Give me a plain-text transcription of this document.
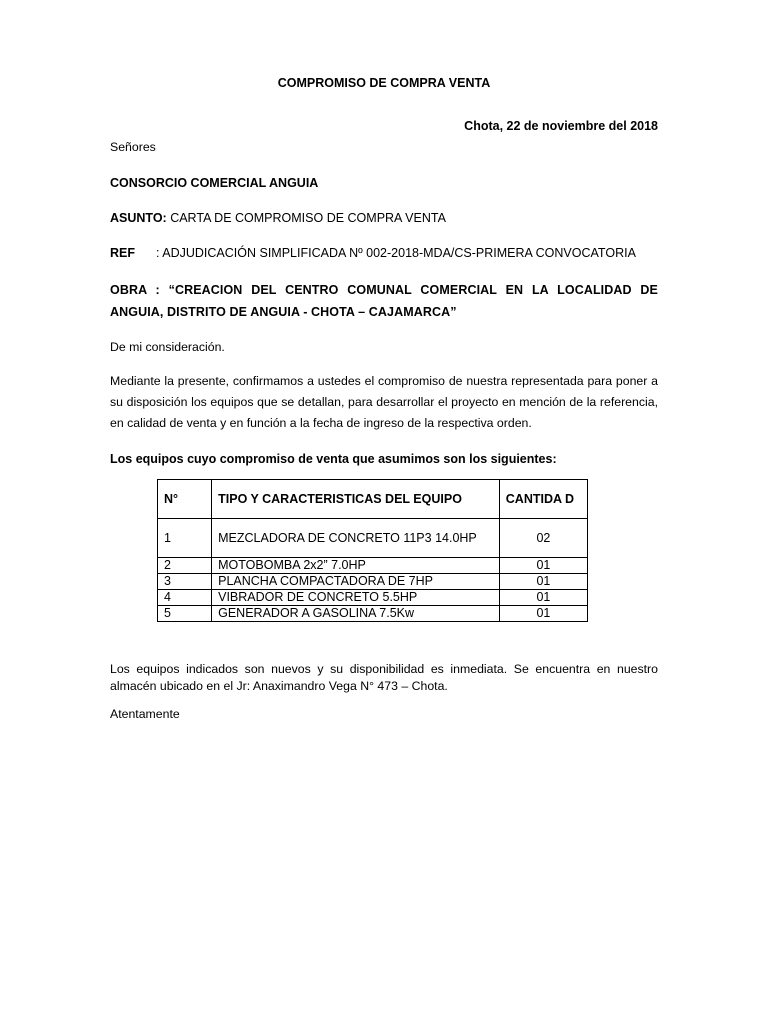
COMPROMISO DE COMPRA VENTA
Chota, 22 de noviembre del 2018
Señores
CONSORCIO COMERCIAL ANGUIA
ASUNTO: CARTA DE COMPROMISO DE COMPRA VENTA
REF : ADJUDICACIÓN SIMPLIFICADA Nº 002-2018-MDA/CS-PRIMERA CONVOCATORIA
OBRA : “CREACION DEL CENTRO COMUNAL COMERCIAL EN LA LOCALIDAD DE ANGUIA, DISTRITO DE ANGUIA - CHOTA – CAJAMARCA”
De mi consideración.
Mediante la presente, confirmamos a ustedes el compromiso de nuestra representada para poner a su disposición los equipos que se detallan, para desarrollar el proyecto en mención de la referencia, en calidad de venta y en función a la fecha de ingreso de la respectiva orden.
Los equipos cuyo compromiso de venta que asumimos son los siguientes:
N°	TIPO Y CARACTERISTICAS DEL EQUIPO	CANTIDA D
1	MEZCLADORA DE CONCRETO 11P3 14.0HP	02
2	MOTOBOMBA 2x2” 7.0HP	01
3	PLANCHA COMPACTADORA DE 7HP	01
4	VIBRADOR DE CONCRETO 5.5HP	01
5	GENERADOR A GASOLINA 7.5Kw	01
Los equipos indicados son nuevos y su disponibilidad es inmediata. Se encuentra en nuestro almacén ubicado en el Jr: Anaximandro Vega N° 473 – Chota.
Atentamente
